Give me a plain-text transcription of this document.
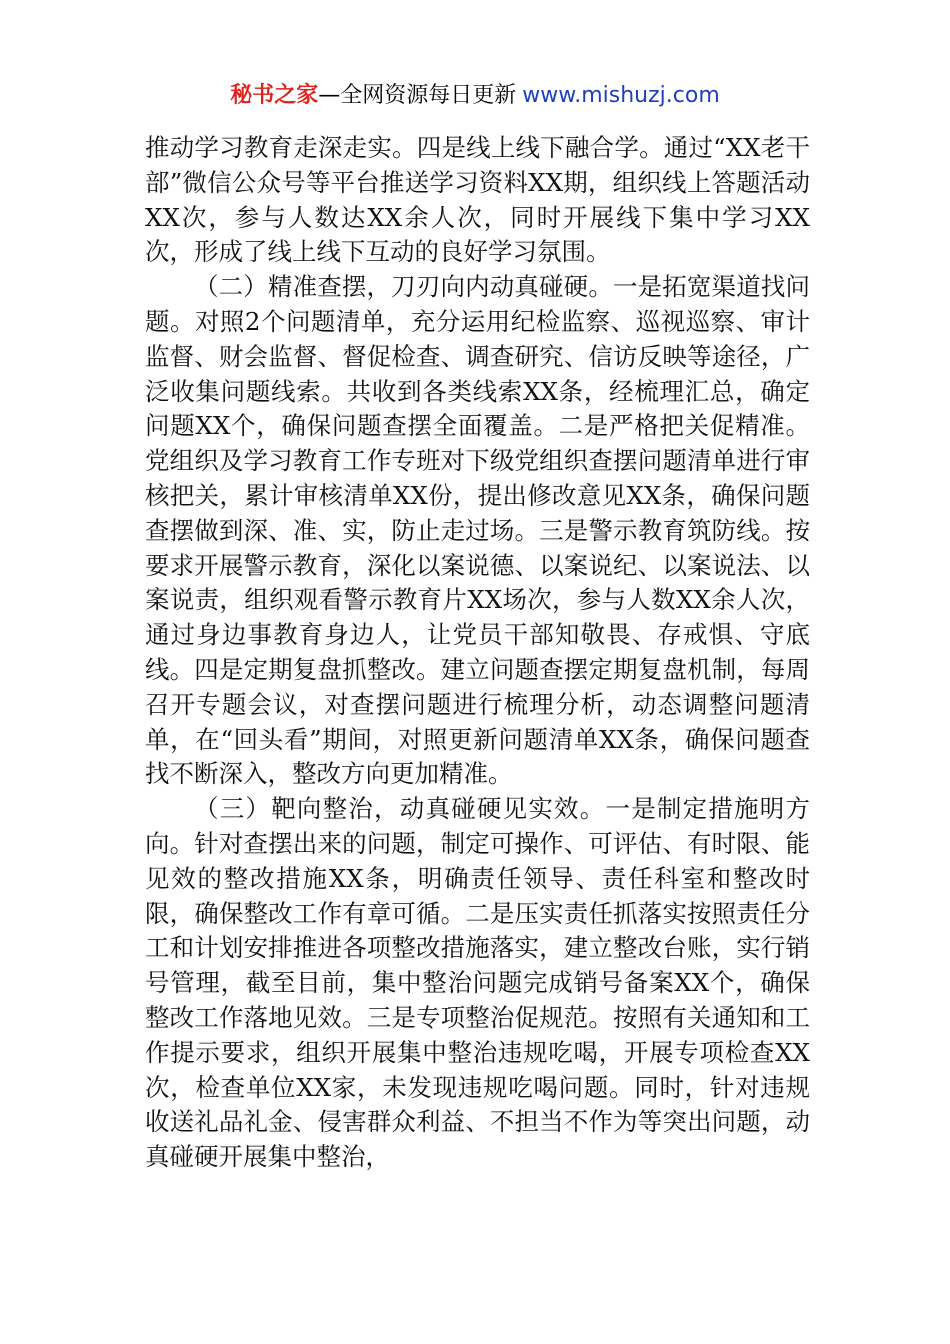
秘书之家—全网资源每日更新 www.mishuzj.com

推动学习教育走深走实。四是线上线下融合学。通过“XX老干部”微信公众号等平台推送学习资料XX期，组织线上答题活动XX次，参与人数达XX余人次，同时开展线下集中学习XX次，形成了线上线下互动的良好学习氛围。

（二）精准查摆，刀刃向内动真碰硬。一是拓宽渠道找问题。对照2个问题清单，充分运用纪检监察、巡视巡察、审计监督、财会监督、督促检查、调查研究、信访反映等途径，广泛收集问题线索。共收到各类线索XX条，经梳理汇总，确定问题XX个，确保问题查摆全面覆盖。二是严格把关促精准。党组织及学习教育工作专班对下级党组织查摆问题清单进行审核把关，累计审核清单XX份，提出修改意见XX条，确保问题查摆做到深、准、实，防止走过场。三是警示教育筑防线。按要求开展警示教育，深化以案说德、以案说纪、以案说法、以案说责，组织观看警示教育片XX场次，参与人数XX余人次，通过身边事教育身边人，让党员干部知敬畏、存戒惧、守底线。四是定期复盘抓整改。建立问题查摆定期复盘机制，每周召开专题会议，对查摆问题进行梳理分析，动态调整问题清单，在“回头看”期间，对照更新问题清单XX条，确保问题查找不断深入，整改方向更加精准。

（三）靶向整治，动真碰硬见实效。一是制定措施明方向。针对查摆出来的问题，制定可操作、可评估、有时限、能见效的整改措施XX条，明确责任领导、责任科室和整改时限，确保整改工作有章可循。二是压实责任抓落实按照责任分工和计划安排推进各项整改措施落实，建立整改台账，实行销号管理，截至目前，集中整治问题完成销号备案XX个，确保整改工作落地见效。三是专项整治促规范。按照有关通知和工作提示要求，组织开展集中整治违规吃喝，开展专项检查XX次，检查单位XX家，未发现违规吃喝问题。同时，针对违规收送礼品礼金、侵害群众利益、不担当不作为等突出问题，动真碰硬开展集中整治，
